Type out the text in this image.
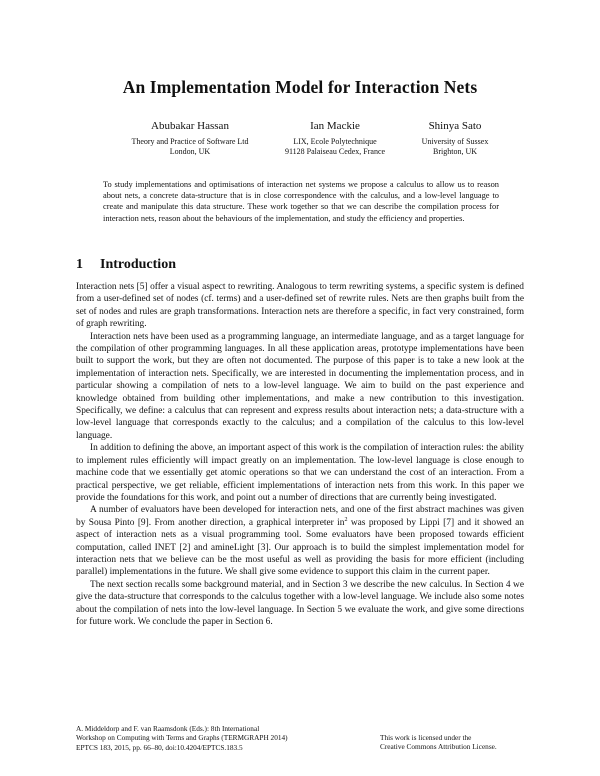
An Implementation Model for Interaction Nets
Abubakar Hassan
Theory and Practice of Software Ltd
London, UK
Ian Mackie
LIX, Ecole Polytechnique
91128 Palaiseau Cedex, France
Shinya Sato
University of Sussex
Brighton, UK
To study implementations and optimisations of interaction net systems we propose a calculus to allow us to reason about nets, a concrete data-structure that is in close correspondence with the calculus, and a low-level language to create and manipulate this data structure. These work together so that we can describe the compilation process for interaction nets, reason about the behaviours of the implementation, and study the efficiency and properties.
1 Introduction

Interaction nets [5] offer a visual aspect to rewriting. Analogous to term rewriting systems, a specific system is defined from a user-defined set of nodes (cf. terms) and a user-defined set of rewrite rules. Nets are then graphs built from the set of nodes and rules are graph transformations. Interaction nets are therefore a specific, in fact very constrained, form of graph rewriting.

Interaction nets have been used as a programming language, an intermediate language, and as a target language for the compilation of other programming languages. In all these application areas, prototype implementations have been built to support the work, but they are often not documented. The purpose of this paper is to take a new look at the implementation of interaction nets. Specifically, we are interested in documenting the implementation process, and in particular showing a compilation of nets to a low-level language. We aim to build on the past experience and knowledge obtained from building other implementations, and make a new contribution to this investigation. Specifically, we define: a calculus that can represent and express results about interaction nets; a data-structure with a low-level language that corresponds exactly to the calculus; and a compilation of the calculus to this low-level language.

In addition to defining the above, an important aspect of this work is the compilation of interaction rules: the ability to implement rules efficiently will impact greatly on an implementation. The low-level language is close enough to machine code that we essentially get atomic operations so that we can understand the cost of an interaction. From a practical perspective, we get reliable, efficient implementations of interaction nets from this work. In this paper we provide the foundations for this work, and point out a number of directions that are currently being investigated.

A number of evaluators have been developed for interaction nets, and one of the first abstract machines was given by Sousa Pinto [9]. From another direction, a graphical interpreter $in^2$ was proposed by Lippi [7] and it showed an aspect of interaction nets as a visual programming tool. Some evaluators have been proposed towards efficient computation, called INET [2] and amineLight [3]. Our approach is to build the simplest implementation model for interaction nets that we believe can be the most useful as well as providing the basis for more efficient (including parallel) implementations in the future. We shall give some evidence to support this claim in the current paper.

The next section recalls some background material, and in Section 3 we describe the new calculus. In Section 4 we give the data-structure that corresponds to the calculus together with a low-level language. We include also some notes about the compilation of nets into the low-level language. In Section 5 we evaluate the work, and give some directions for future work. We conclude the paper in Section 6.

A. Middeldorp and F. van Raamsdonk (Eds.): 8th International
Workshop on Computing with Terms and Graphs (TERMGRAPH 2014)
EPTCS 183, 2015, pp. 66–80, doi:10.4204/EPTCS.183.5
This work is licensed under the
Creative Commons Attribution License.
